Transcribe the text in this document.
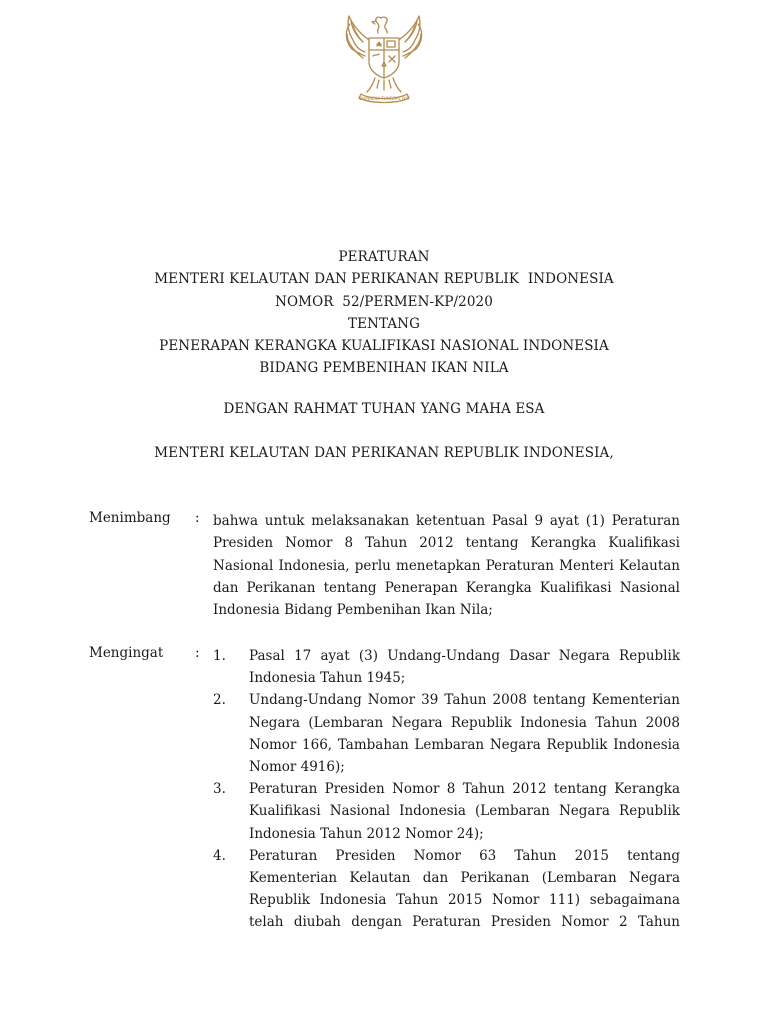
BHINNEKA TUNGGAL IKA
PERATURAN
MENTERI KELAUTAN DAN PERIKANAN REPUBLIK  INDONESIA
NOMOR  52/PERMEN-KP/2020
TENTANG
PENERAPAN KERANGKA KUALIFIKASI NASIONAL INDONESIA
BIDANG PEMBENIHAN IKAN NILA
DENGAN RAHMAT TUHAN YANG MAHA ESA
MENTERI KELAUTAN DAN PERIKANAN REPUBLIK INDONESIA,
Menimbang : bahwa untuk melaksanakan ketentuan Pasal 9 ayat (1) Peraturan Presiden Nomor 8 Tahun 2012 tentang Kerangka Kualifikasi Nasional Indonesia, perlu menetapkan Peraturan Menteri Kelautan dan Perikanan tentang Penerapan Kerangka Kualifikasi Nasional Indonesia Bidang Pembenihan Ikan Nila;
Mengingat : 1. Pasal 17 ayat (3) Undang-Undang Dasar Negara Republik Indonesia Tahun 1945;
2. Undang-Undang Nomor 39 Tahun 2008 tentang Kementerian Negara (Lembaran Negara Republik Indonesia Tahun 2008 Nomor 166, Tambahan Lembaran Negara Republik Indonesia Nomor 4916);
3. Peraturan Presiden Nomor 8 Tahun 2012 tentang Kerangka Kualifikasi Nasional Indonesia (Lembaran Negara Republik Indonesia Tahun 2012 Nomor 24);
4. Peraturan Presiden Nomor 63 Tahun 2015 tentang Kementerian Kelautan dan Perikanan (Lembaran Negara Republik Indonesia Tahun 2015 Nomor 111) sebagaimana telah diubah dengan Peraturan Presiden Nomor 2 Tahun
